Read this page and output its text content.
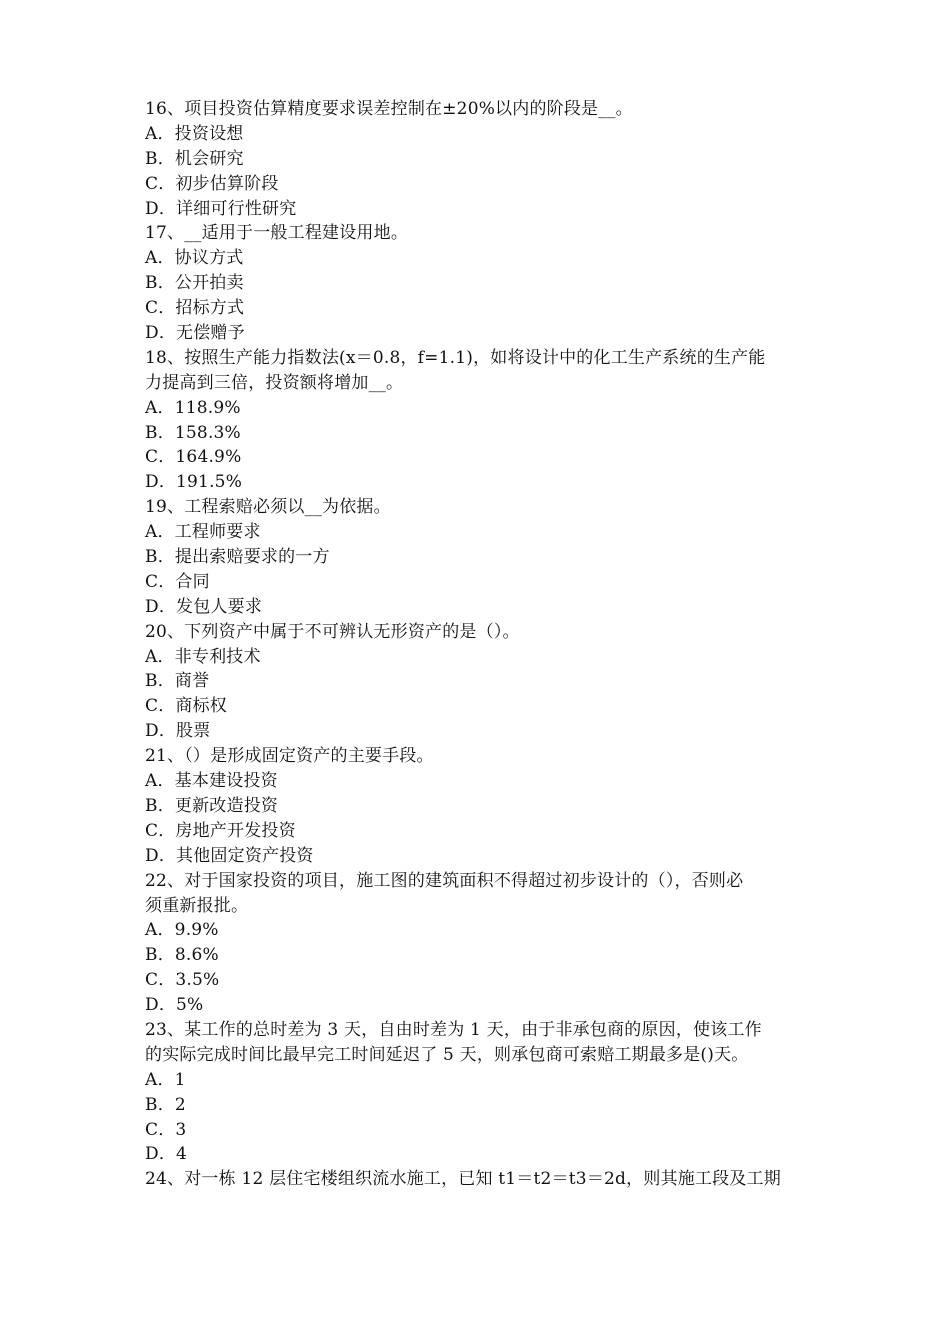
16、项目投资估算精度要求误差控制在±20%以内的阶段是__。
A．投资设想
B．机会研究
C．初步估算阶段
D．详细可行性研究
17、__适用于一般工程建设用地。
A．协议方式
B．公开拍卖
C．招标方式
D．无偿赠予
18、按照生产能力指数法(x＝0.8，f=1.1)，如将设计中的化工生产系统的生产能
力提高到三倍，投资额将增加__。
A．118.9%
B．158.3%
C．164.9%
D．191.5%
19、工程索赔必须以__为依据。
A．工程师要求
B．提出索赔要求的一方
C．合同
D．发包人要求
20、下列资产中属于不可辨认无形资产的是（）。
A．非专利技术
B．商誉
C．商标权
D．股票
21、（）是形成固定资产的主要手段。
A．基本建设投资
B．更新改造投资
C．房地产开发投资
D．其他固定资产投资
22、对于国家投资的项目，施工图的建筑面积不得超过初步设计的（），否则必
须重新报批。
A．9.9%
B．8.6%
C．3.5%
D．5%
23、某工作的总时差为 3 天，自由时差为 1 天，由于非承包商的原因，使该工作
的实际完成时间比最早完工时间延迟了 5 天，则承包商可索赔工期最多是()天。
A．1
B．2
C．3
D．4
24、对一栋 12 层住宅楼组织流水施工，已知 t1＝t2＝t3＝2d，则其施工段及工期
